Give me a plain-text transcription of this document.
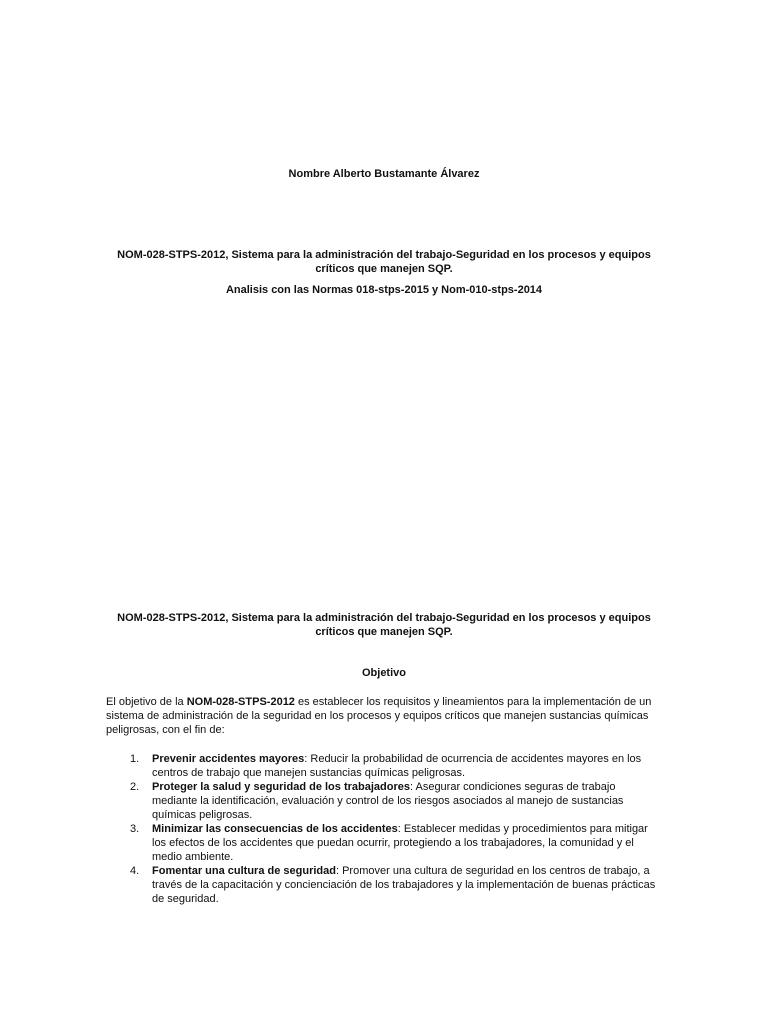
Nombre Alberto Bustamante Álvarez
NOM-028-STPS-2012, Sistema para la administración del trabajo-Seguridad en los procesos y equipos críticos que manejen SQP.
Analisis con las Normas 018-stps-2015 y Nom-010-stps-2014
NOM-028-STPS-2012, Sistema para la administración del trabajo-Seguridad en los procesos y equipos críticos que manejen SQP.
Objetivo
El objetivo de la NOM-028-STPS-2012 es establecer los requisitos y lineamientos para la implementación de un sistema de administración de la seguridad en los procesos y equipos críticos que manejen sustancias químicas peligrosas, con el fin de:
1. Prevenir accidentes mayores: Reducir la probabilidad de ocurrencia de accidentes mayores en los centros de trabajo que manejen sustancias químicas peligrosas.
2. Proteger la salud y seguridad de los trabajadores: Asegurar condiciones seguras de trabajo mediante la identificación, evaluación y control de los riesgos asociados al manejo de sustancias químicas peligrosas.
3. Minimizar las consecuencias de los accidentes: Establecer medidas y procedimientos para mitigar los efectos de los accidentes que puedan ocurrir, protegiendo a los trabajadores, la comunidad y el medio ambiente.
4. Fomentar una cultura de seguridad: Promover una cultura de seguridad en los centros de trabajo, a través de la capacitación y concienciación de los trabajadores y la implementación de buenas prácticas de seguridad.
